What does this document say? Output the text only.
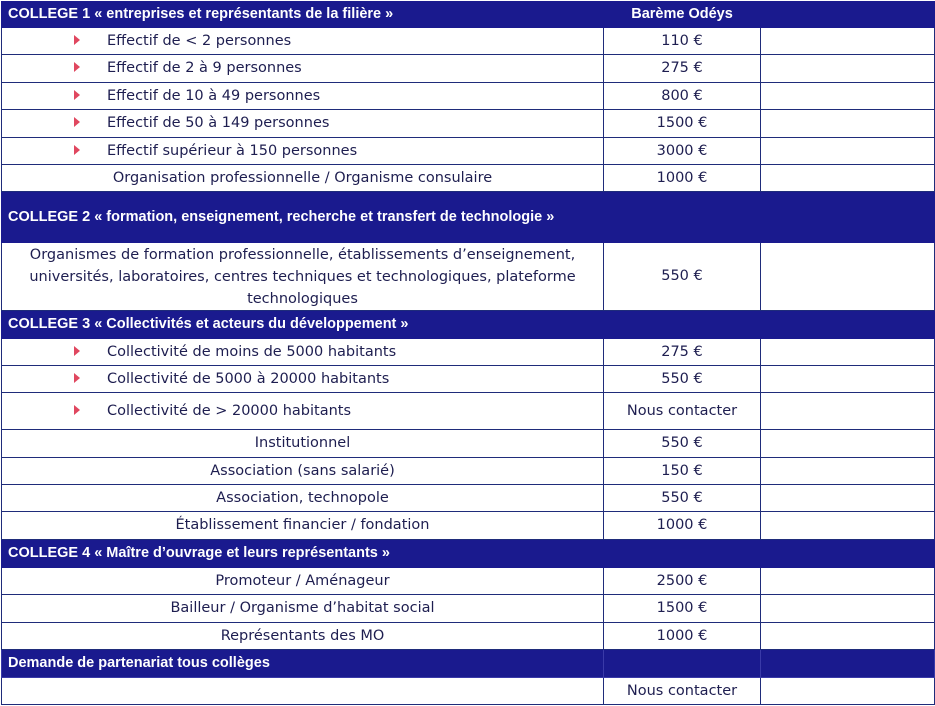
COLLEGE 1 « entreprises et représentants de la filière »	Barème Odéys	
Effectif de < 2 personnes	110 €	
Effectif de 2 à 9 personnes	275 €	
Effectif de 10 à 49 personnes	800 €	
Effectif de 50 à 149 personnes	1500 €	
Effectif supérieur à 150 personnes	3000 €	
Organisation professionnelle / Organisme consulaire	1000 €	

COLLEGE 2 « formation, enseignement, recherche et transfert de technologie »		

Organismes de formation professionnelle, établissements d’enseignement, universités, laboratoires, centres techniques et technologiques, plateforme technologiques	550 €	
COLLEGE 3 « Collectivités et acteurs du développement »		
Collectivité de moins de 5000 habitants	275 €	
Collectivité de 5000 à 20000 habitants	550 €	
Collectivité de > 20000 habitants	Nous contacter	
Institutionnel	550 €	
Association (sans salarié)	150 €	
Association, technopole	550 €	
Établissement financier / fondation	1000 €	
COLLEGE 4 « Maître d’ouvrage et leurs représentants »		
Promoteur / Aménageur	2500 €	
Bailleur / Organisme d’habitat social	1500 €	
Représentants des MO	1000 €	
Demande de partenariat tous collèges		
	Nous contacter	
